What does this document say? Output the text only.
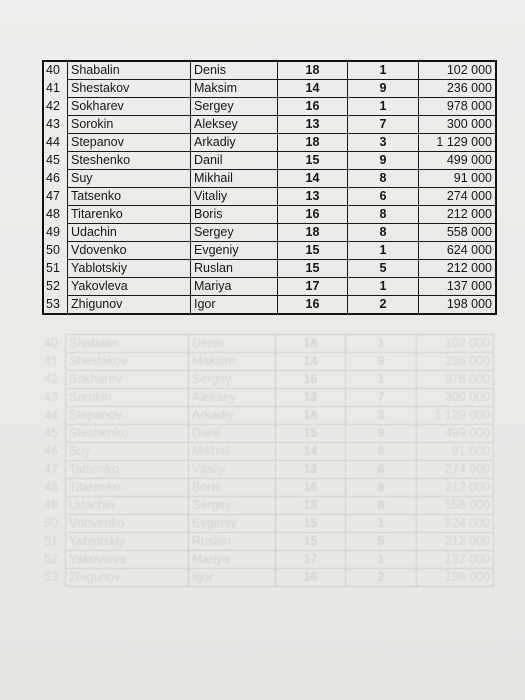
40	Shabalin	Denis	18	1	102 000
41	Shestakov	Maksim	14	9	236 000
42	Sokharev	Sergey	16	1	978 000
43	Sorokin	Aleksey	13	7	300 000
44	Stepanov	Arkadiy	18	3	1 129 000
45	Steshenko	Danil	15	9	499 000
46	Suy	Mikhail	14	8	91 000
47	Tatsenko	Vitaliy	13	6	274 000
48	Titarenko	Boris	16	8	212 000
49	Udachin	Sergey	18	8	558 000
50	Vdovenko	Evgeniy	15	1	624 000
51	Yablotskiy	Ruslan	15	5	212 000
52	Yakovleva	Mariya	17	1	137 000
53	Zhigunov	Igor	16	2	198 000
40	Shabalin	Denis	18	1	102 000
41	Shestakov	Maksim	14	9	236 000
42	Sokharev	Sergey	16	1	978 000
43	Sorokin	Aleksey	13	7	300 000
44	Stepanov	Arkadiy	18	3	1 129 000
45	Steshenko	Danil	15	9	499 000
46	Suy	Mikhail	14	8	91 000
47	Tatsenko	Vitaliy	13	6	274 000
48	Titarenko	Boris	16	8	212 000
49	Udachin	Sergey	18	8	558 000
50	Vdovenko	Evgeniy	15	1	624 000
51	Yablotskiy	Ruslan	15	5	212 000
52	Yakovleva	Mariya	17	1	137 000
53	Zhigunov	Igor	16	2	198 000
